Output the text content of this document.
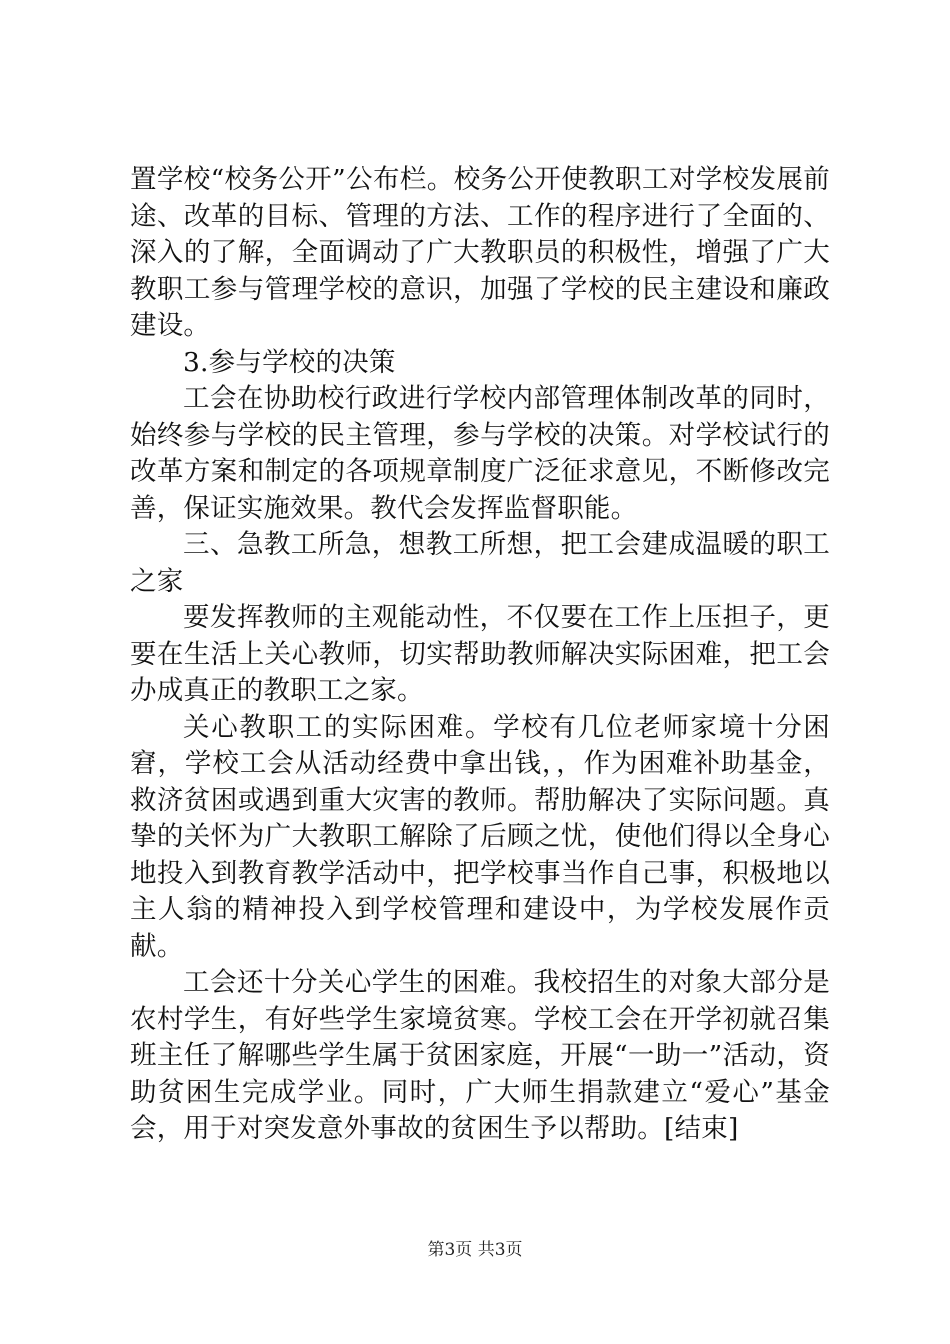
置学校“校务公开”公布栏。校务公开使教职工对学校发展前途、改革的目标、管理的方法、工作的程序进行了全面的、深入的了解，全面调动了广大教职员的积极性，增强了广大教职工参与管理学校的意识，加强了学校的民主建设和廉政建设。

3.参与学校的决策

工会在协助校行政进行学校内部管理体制改革的同时，始终参与学校的民主管理，参与学校的决策。对学校试行的改革方案和制定的各项规章制度广泛征求意见，不断修改完善，保证实施效果。教代会发挥监督职能。

三、急教工所急，想教工所想，把工会建成温暖的职工之家

要发挥教师的主观能动性，不仅要在工作上压担子，更要在生活上关心教师，切实帮助教师解决实际困难，把工会办成真正的教职工之家。

关心教职工的实际困难。学校有几位老师家境十分困窘，学校工会从活动经费中拿出钱，，作为困难补助基金，救济贫困或遇到重大灾害的教师。帮肋解决了实际问题。真挚的关怀为广大教职工解除了后顾之忧，使他们得以全身心地投入到教育教学活动中，把学校事当作自己事，积极地以主人翁的精神投入到学校管理和建设中，为学校发展作贡献。

工会还十分关心学生的困难。我校招生的对象大部分是农村学生，有好些学生家境贫寒。学校工会在开学初就召集班主任了解哪些学生属于贫困家庭，开展“一助一”活动，资助贫困生完成学业。同时，广大师生捐款建立“爱心”基金会，用于对突发意外事故的贫困生予以帮助。[结束]

第3页 共3页
